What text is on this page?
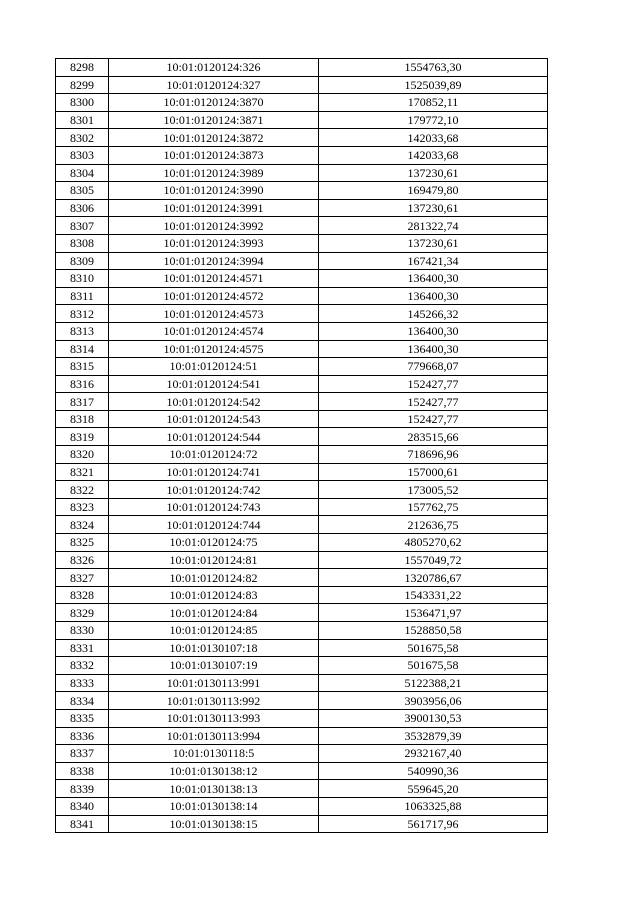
8298	10:01:0120124:326	1554763,30
8299	10:01:0120124:327	1525039,89
8300	10:01:0120124:3870	170852,11
8301	10:01:0120124:3871	179772,10
8302	10:01:0120124:3872	142033,68
8303	10:01:0120124:3873	142033,68
8304	10:01:0120124:3989	137230,61
8305	10:01:0120124:3990	169479,80
8306	10:01:0120124:3991	137230,61
8307	10:01:0120124:3992	281322,74
8308	10:01:0120124:3993	137230,61
8309	10:01:0120124:3994	167421,34
8310	10:01:0120124:4571	136400,30
8311	10:01:0120124:4572	136400,30
8312	10:01:0120124:4573	145266,32
8313	10:01:0120124:4574	136400,30
8314	10:01:0120124:4575	136400,30
8315	10:01:0120124:51	779668,07
8316	10:01:0120124:541	152427,77
8317	10:01:0120124:542	152427,77
8318	10:01:0120124:543	152427,77
8319	10:01:0120124:544	283515,66
8320	10:01:0120124:72	718696,96
8321	10:01:0120124:741	157000,61
8322	10:01:0120124:742	173005,52
8323	10:01:0120124:743	157762,75
8324	10:01:0120124:744	212636,75
8325	10:01:0120124:75	4805270,62
8326	10:01:0120124:81	1557049,72
8327	10:01:0120124:82	1320786,67
8328	10:01:0120124:83	1543331,22
8329	10:01:0120124:84	1536471,97
8330	10:01:0120124:85	1528850,58
8331	10:01:0130107:18	501675,58
8332	10:01:0130107:19	501675,58
8333	10:01:0130113:991	5122388,21
8334	10:01:0130113:992	3903956,06
8335	10:01:0130113:993	3900130,53
8336	10:01:0130113:994	3532879,39
8337	10:01:0130118:5	2932167,40
8338	10:01:0130138:12	540990,36
8339	10:01:0130138:13	559645,20
8340	10:01:0130138:14	1063325,88
8341	10:01:0130138:15	561717,96
